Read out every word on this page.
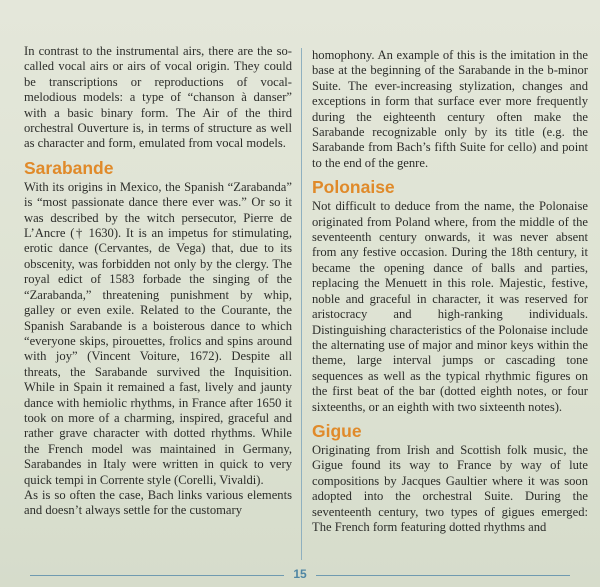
In contrast to the instrumental airs, there are the so-called vocal airs or airs of vocal origin. They could be transcriptions or reproductions of vocal-melodious models: a type of “chanson à danser” with a basic binary form. The Air of the third orchestral Ouverture is, in terms of structure as well as character and form, emulated from vocal models.

Sarabande

With its origins in Mexico, the Spanish “Zarabanda” is “most passionate dance there ever was.” Or so it was described by the witch persecutor, Pierre de L’Ancre († 1630). It is an impetus for stimulating, erotic dance (Cervantes, de Vega) that, due to its obscenity, was forbidden not only by the clergy. The royal edict of 1583 forbade the singing of the “Zarabanda,” threatening punishment by whip, galley or even exile. Related to the Courante, the Spanish Sarabande is a boisterous dance to which “everyone skips, pirouettes, frolics and spins around with joy” (Vincent Voiture, 1672). Despite all threats, the Sarabande survived the Inquisition. While in Spain it remained a fast, lively and jaunty dance with hemiolic rhythms, in France after 1650 it took on more of a charming, inspired, graceful and rather grave character with dotted rhythms. While the French model was maintained in Germany, Sarabandes in Italy were written in quick to very quick tempi in Corrente style (Corelli, Vivaldi).

As is so often the case, Bach links various elements and doesn’t always settle for the customary

homophony. An example of this is the imitation in the base at the beginning of the Sarabande in the b-minor Suite. The ever-increasing stylization, changes and exceptions in form that surface ever more frequently during the eighteenth century often make the Sarabande recognizable only by its title (e.g. the Sarabande from Bach’s fifth Suite for cello) and point to the end of the genre.

Polonaise

Not difficult to deduce from the name, the Polonaise originated from Poland where, from the middle of the seventeenth century onwards, it was never absent from any festive occasion. During the 18th century, it became the opening dance of balls and parties, replacing the Menuett in this role. Majestic, festive, noble and graceful in character, it was reserved for aristocracy and high-ranking individuals. Distinguishing characteristics of the Polonaise include the alternating use of major and minor keys within the theme, large interval jumps or cascading tone sequences as well as the typical rhythmic figures on the first beat of the bar (dotted eighth notes, or four sixteenths, or an eighth with two sixteenth notes).

Gigue

Originating from Irish and Scottish folk music, the Gigue found its way to France by way of lute compositions by Jacques Gaultier where it was soon adopted into the orchestral Suite. During the seventeenth century, two types of gigues emerged: The French form featuring dotted rhythms and

15
